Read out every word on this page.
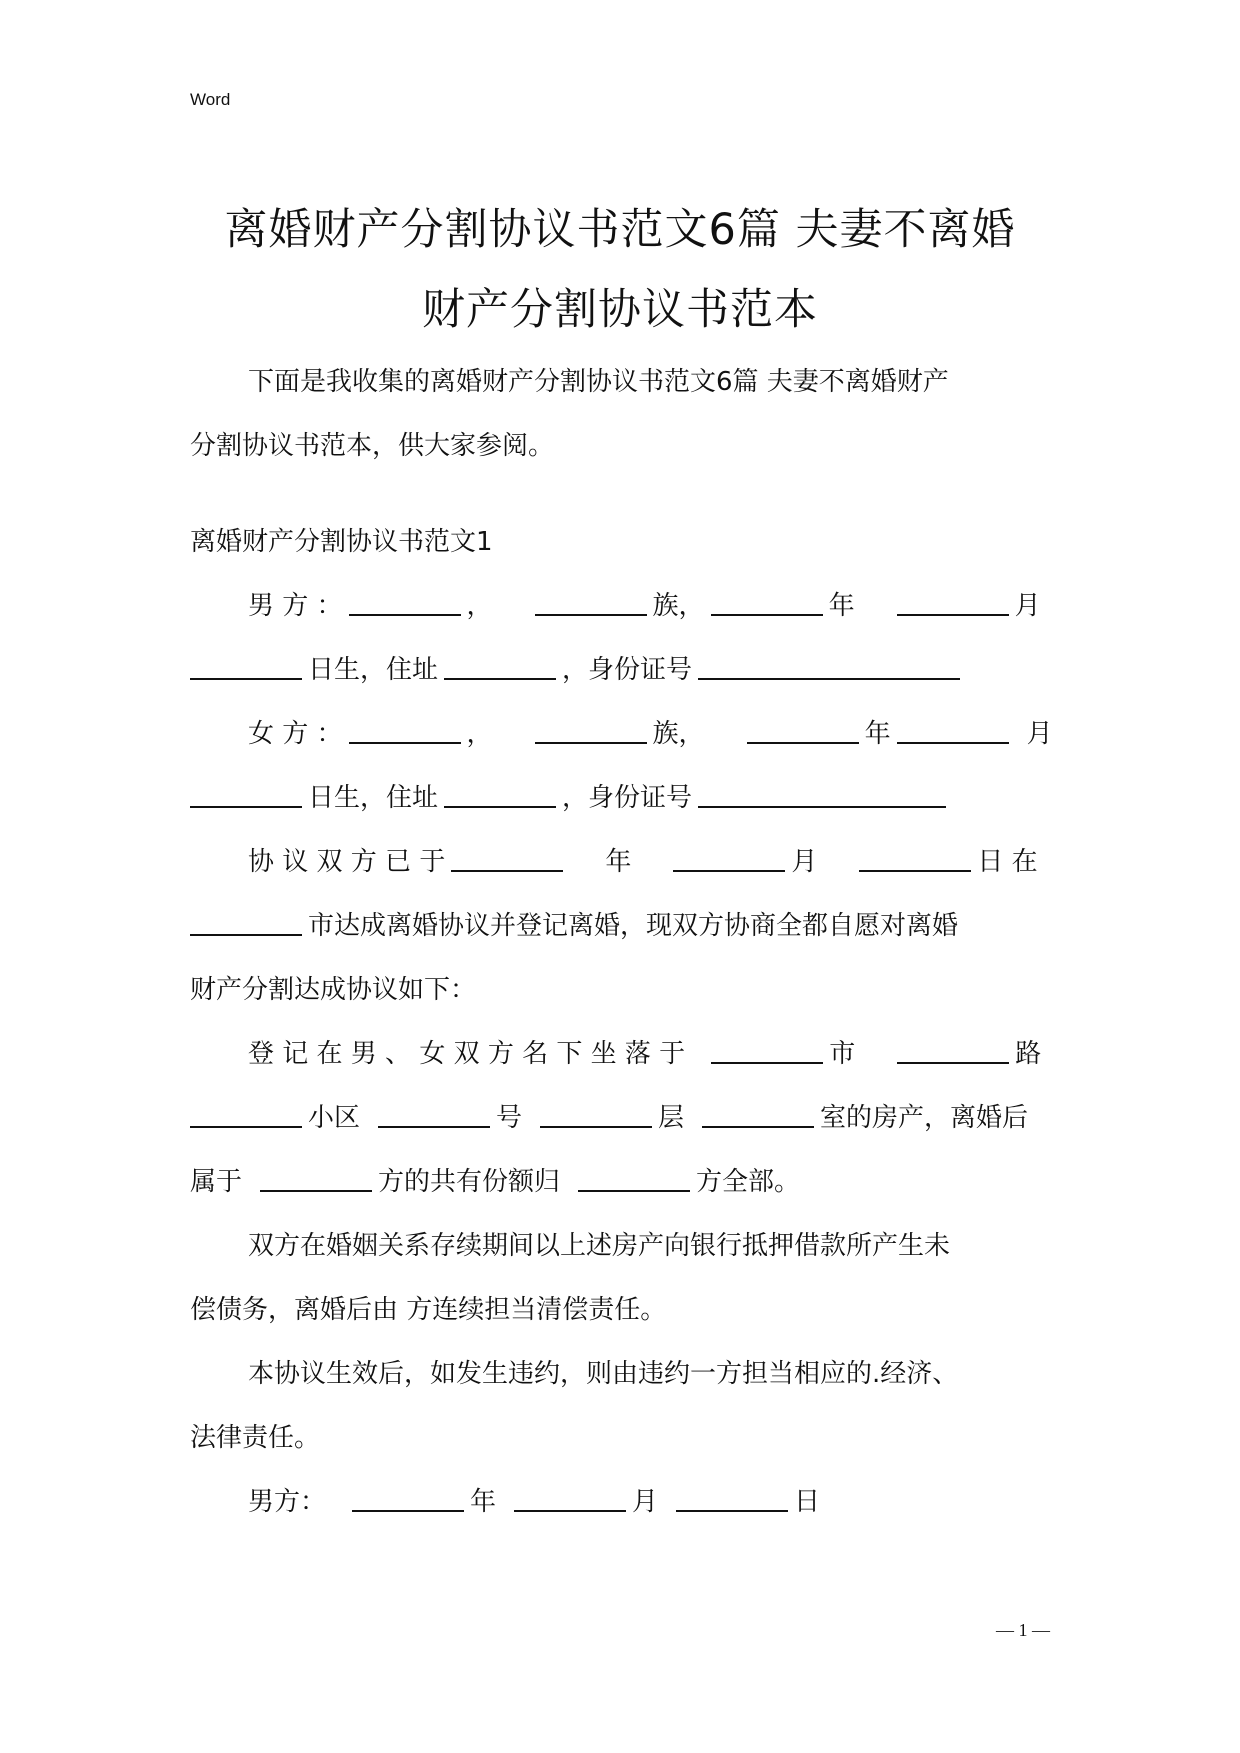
Word
离婚财产分割协议书范文6篇 夫妻不离婚
财产分割协议书范本
下面是我收集的离婚财产分割协议书范文6篇 夫妻不离婚财产
分割协议书范本，供大家参阅。
离婚财产分割协议书范文1
男 方 ：	，	族，	年	月
日生，住址	，身份证号
女 方 ：	，	族，	年	月
日生，住址	，身份证号
协 议 双 方 已 于	年	月	日 在
市达成离婚协议并登记离婚，现双方协商全都自愿对离婚
财产分割达成协议如下：
登 记 在 男 、 女 双 方 名 下 坐 落 于	市	路
小区	号	层	室的房产，离婚后
属于	方的共有份额归	方全部。
双方在婚姻关系存续期间以上述房产向银行抵押借款所产生未
偿债务，离婚后由 方连续担当清偿责任。
本协议生效后，如发生违约，则由违约一方担当相应的.经济、
法律责任。
男方：	年	月	日
— 1 —
